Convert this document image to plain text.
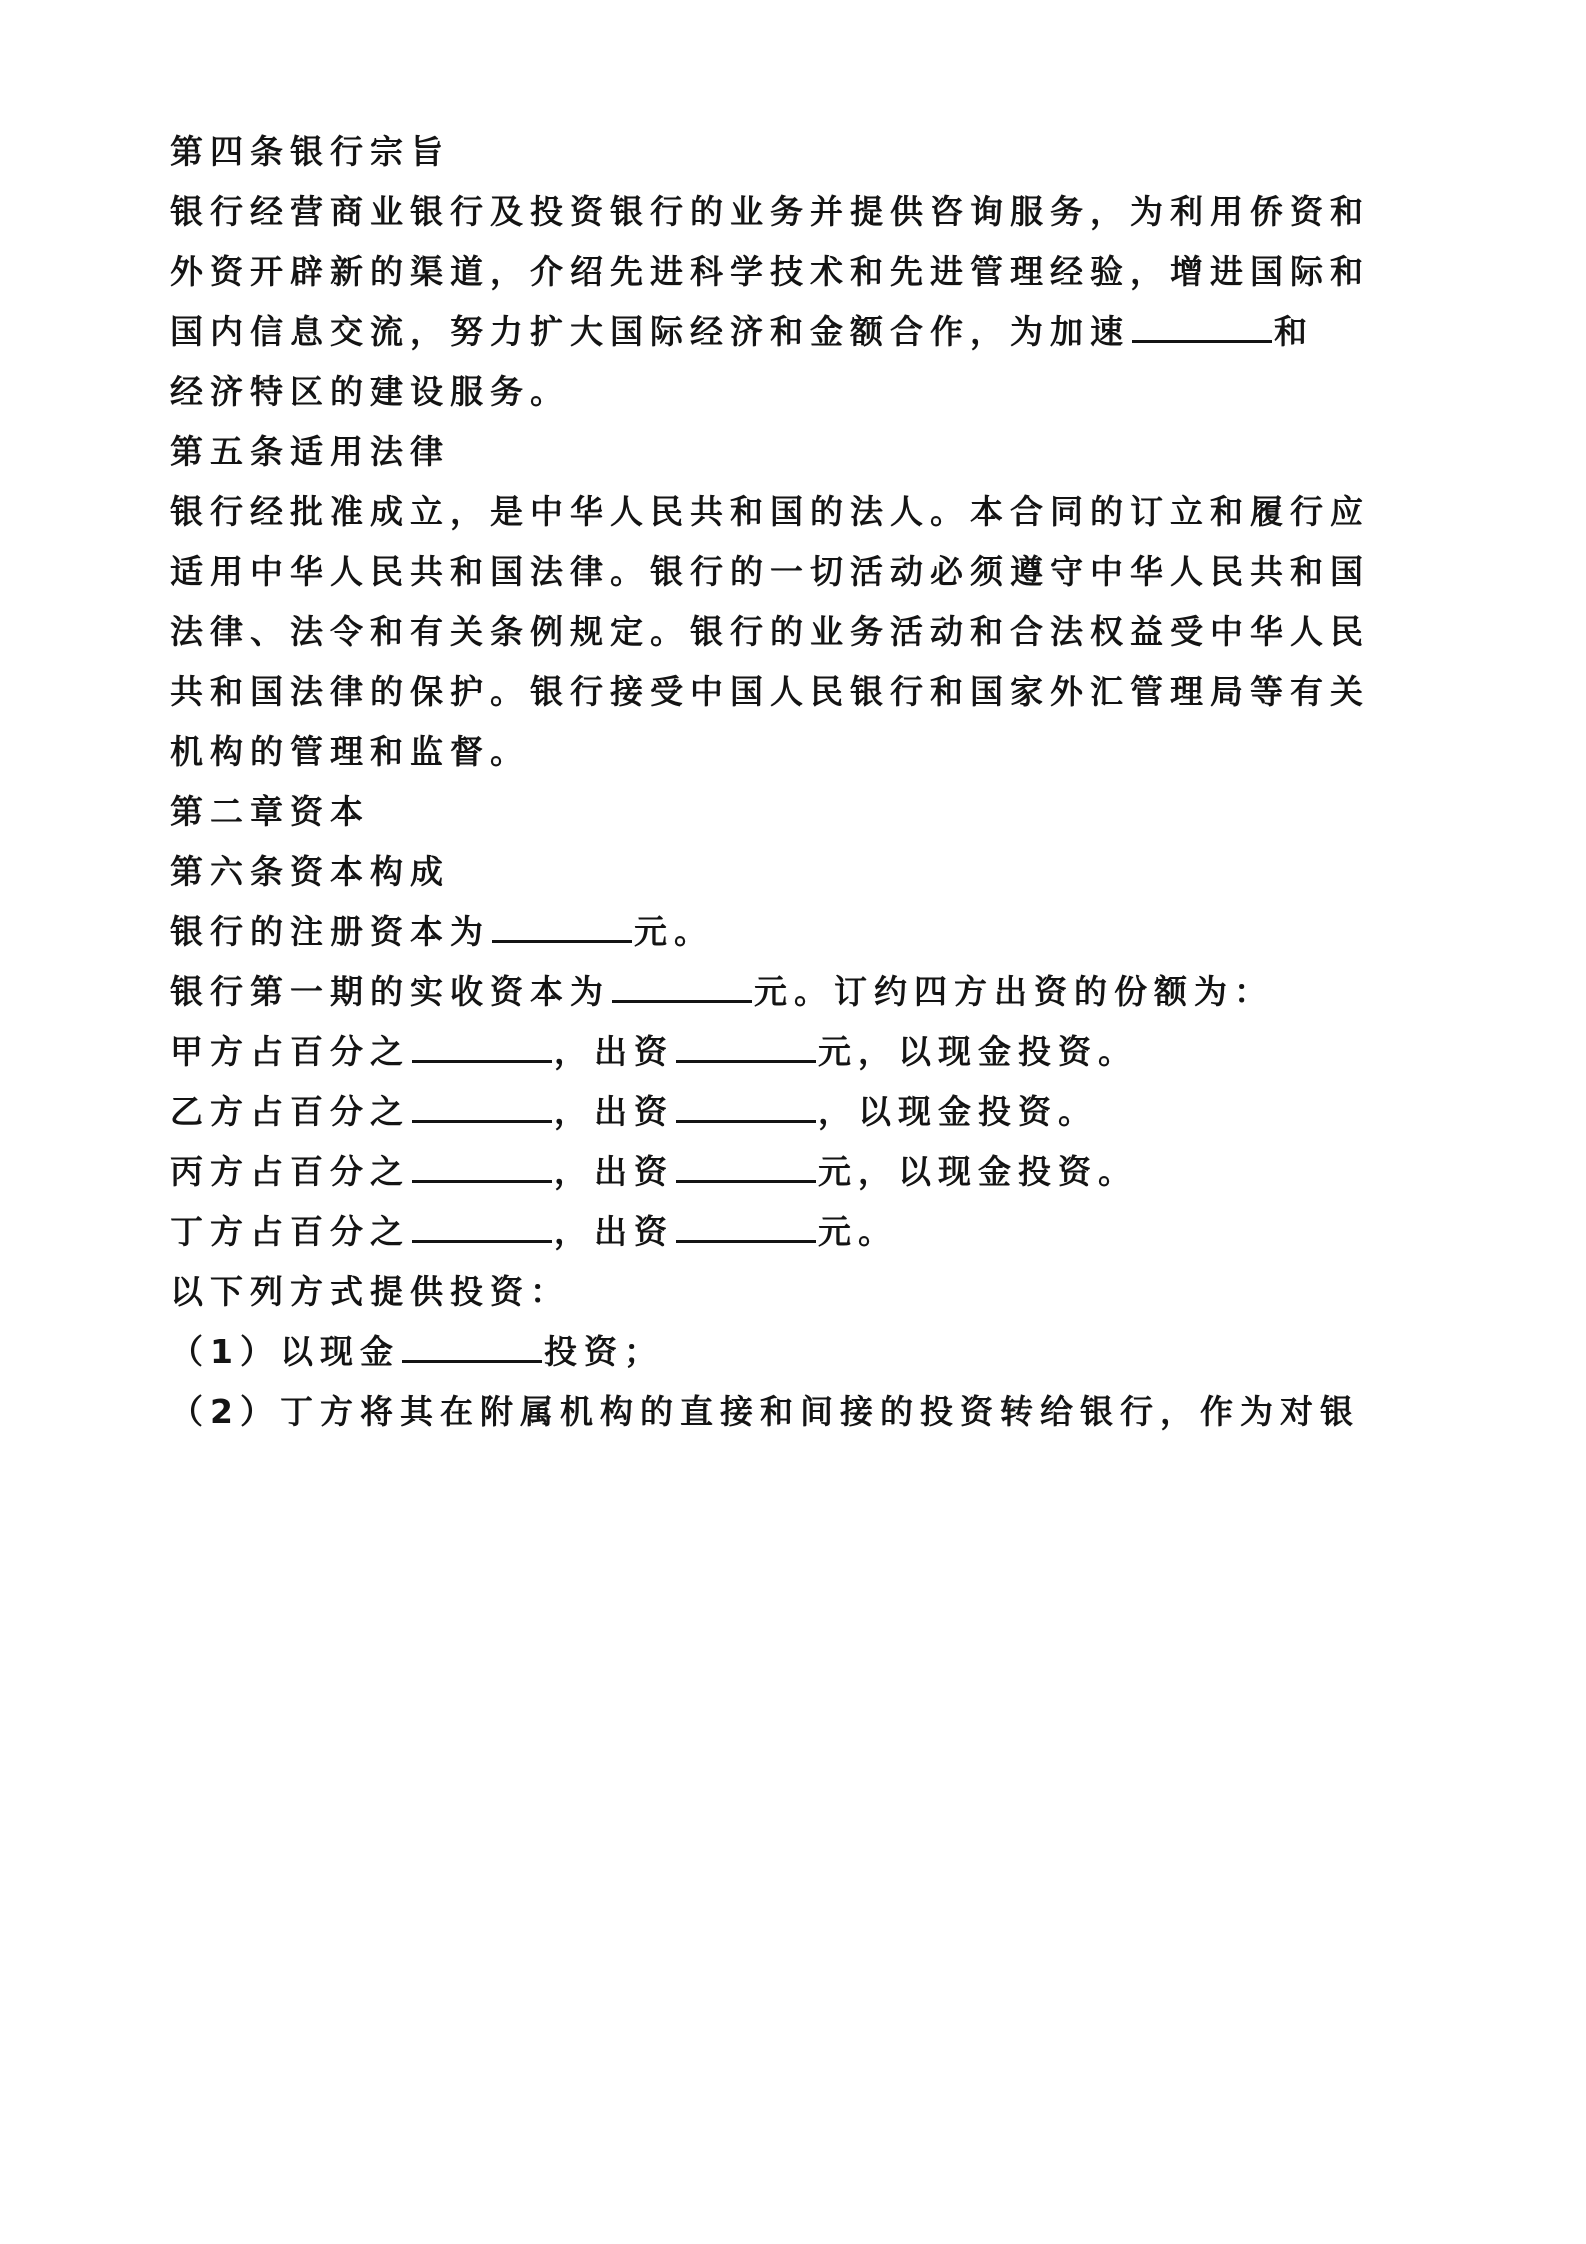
第四条银行宗旨
银行经营商业银行及投资银行的业务并提供咨询服务，为利用侨资和
外资开辟新的渠道，介绍先进科学技术和先进管理经验，增进国际和
国内信息交流，努力扩大国际经济和金额合作，为加速	和
经济特区的建设服务。
第五条适用法律
银行经批准成立，是中华人民共和国的法人。本合同的订立和履行应
适用中华人民共和国法律。银行的一切活动必须遵守中华人民共和国
法律、法令和有关条例规定。银行的业务活动和合法权益受中华人民
共和国法律的保护。银行接受中国人民银行和国家外汇管理局等有关
机构的管理和监督。
第二章资本
第六条资本构成
银行的注册资本为	元。
银行第一期的实收资本为	元。订约四方出资的份额为：
甲方占百分之	，出资	元，以现金投资。
乙方占百分之	，出资	，以现金投资。
丙方占百分之	，出资	元，以现金投资。
丁方占百分之	，出资	元。
以下列方式提供投资：
（1）以现金	投资；
（2）丁方将其在附属机构的直接和间接的投资转给银行，作为对银
